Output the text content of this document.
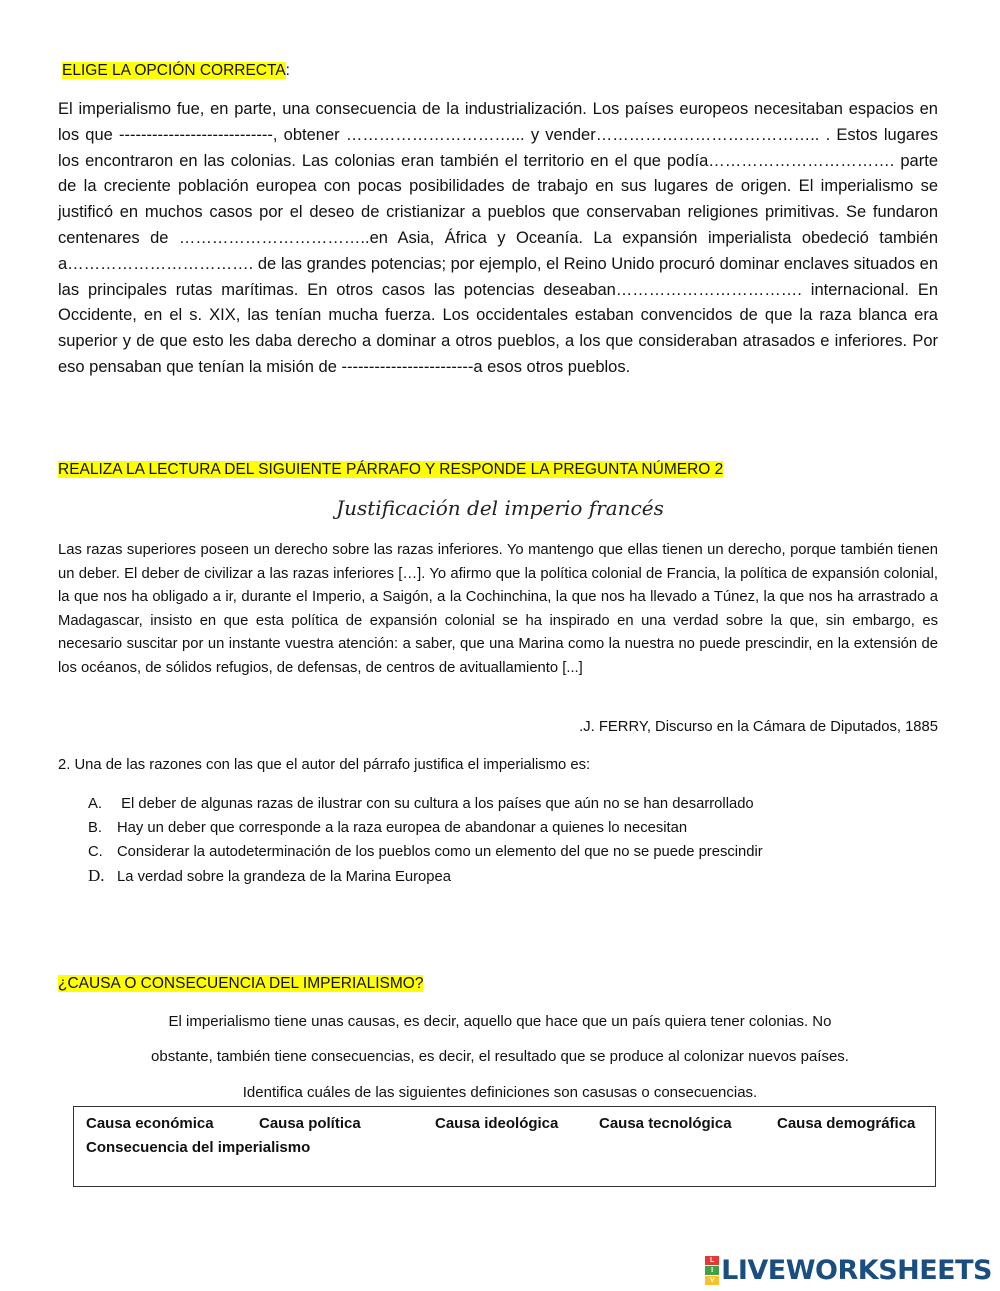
ELIGE LA OPCIÓN CORRECTA:
El imperialismo fue, en parte, una consecuencia de la industrialización. Los países europeos necesitaban espacios en los que ----------------------------, obtener …………………………... y vender………………………………….. . Estos lugares los encontraron en las colonias. Las colonias eran también el territorio en el que podía……………………………. parte de la creciente población europea con pocas posibilidades de trabajo en sus lugares de origen. El imperialismo se justificó en muchos casos por el deseo de cristianizar a pueblos que conservaban religiones primitivas. Se fundaron centenares de ……………………………..en Asia, África y Oceanía. La expansión imperialista obedeció también a……………………………. de las grandes potencias; por ejemplo, el Reino Unido procuró dominar enclaves situados en las principales rutas marítimas. En otros casos las potencias deseaban……………………………. internacional. En Occidente, en el s. XIX, las tenían mucha fuerza. Los occidentales estaban convencidos de que la raza blanca era superior y de que esto les daba derecho a dominar a otros pueblos, a los que consideraban atrasados e inferiores. Por eso pensaban que tenían la misión de ------------------------a esos otros pueblos.
REALIZA LA LECTURA DEL SIGUIENTE PÁRRAFO Y RESPONDE LA PREGUNTA NÚMERO 2
Justificación del imperio francés
Las razas superiores poseen un derecho sobre las razas inferiores. Yo mantengo que ellas tienen un derecho, porque también tienen un deber. El deber de civilizar a las razas inferiores […]. Yo afirmo que la política colonial de Francia, la política de expansión colonial, la que nos ha obligado a ir, durante el Imperio, a Saigón, a la Cochinchina, la que nos ha llevado a Túnez, la que nos ha arrastrado a Madagascar, insisto en que esta política de expansión colonial se ha inspirado en una verdad sobre la que, sin embargo, es necesario suscitar por un instante vuestra atención: a saber, que una Marina como la nuestra no puede prescindir, en la extensión de los océanos, de sólidos refugios, de defensas, de centros de avituallamiento [...]
.J. FERRY, Discurso en la Cámara de Diputados, 1885
2. Una de las razones con las que el autor del párrafo justifica el imperialismo es:
A. El deber de algunas razas de ilustrar con su cultura a los países que aún no se han desarrollado
B. Hay un deber que corresponde a la raza europea de abandonar a quienes lo necesitan
C. Considerar la autodeterminación de los pueblos como un elemento del que no se puede prescindir
D. La verdad sobre la grandeza de la Marina Europea
¿CAUSA O CONSECUENCIA DEL IMPERIALISMO?
El imperialismo tiene unas causas, es decir, aquello que hace que un país quiera tener colonias. No
obstante, también tiene consecuencias, es decir, el resultado que se produce al colonizar nuevos países.
Identifica cuáles de las siguientes definiciones son casusas o consecuencias.
Causa económica	Causa política	Causa ideológica	Causa tecnológica	Causa demográfica
Consecuencia del imperialismo
L
I
V LIVEWORKSHEETS
